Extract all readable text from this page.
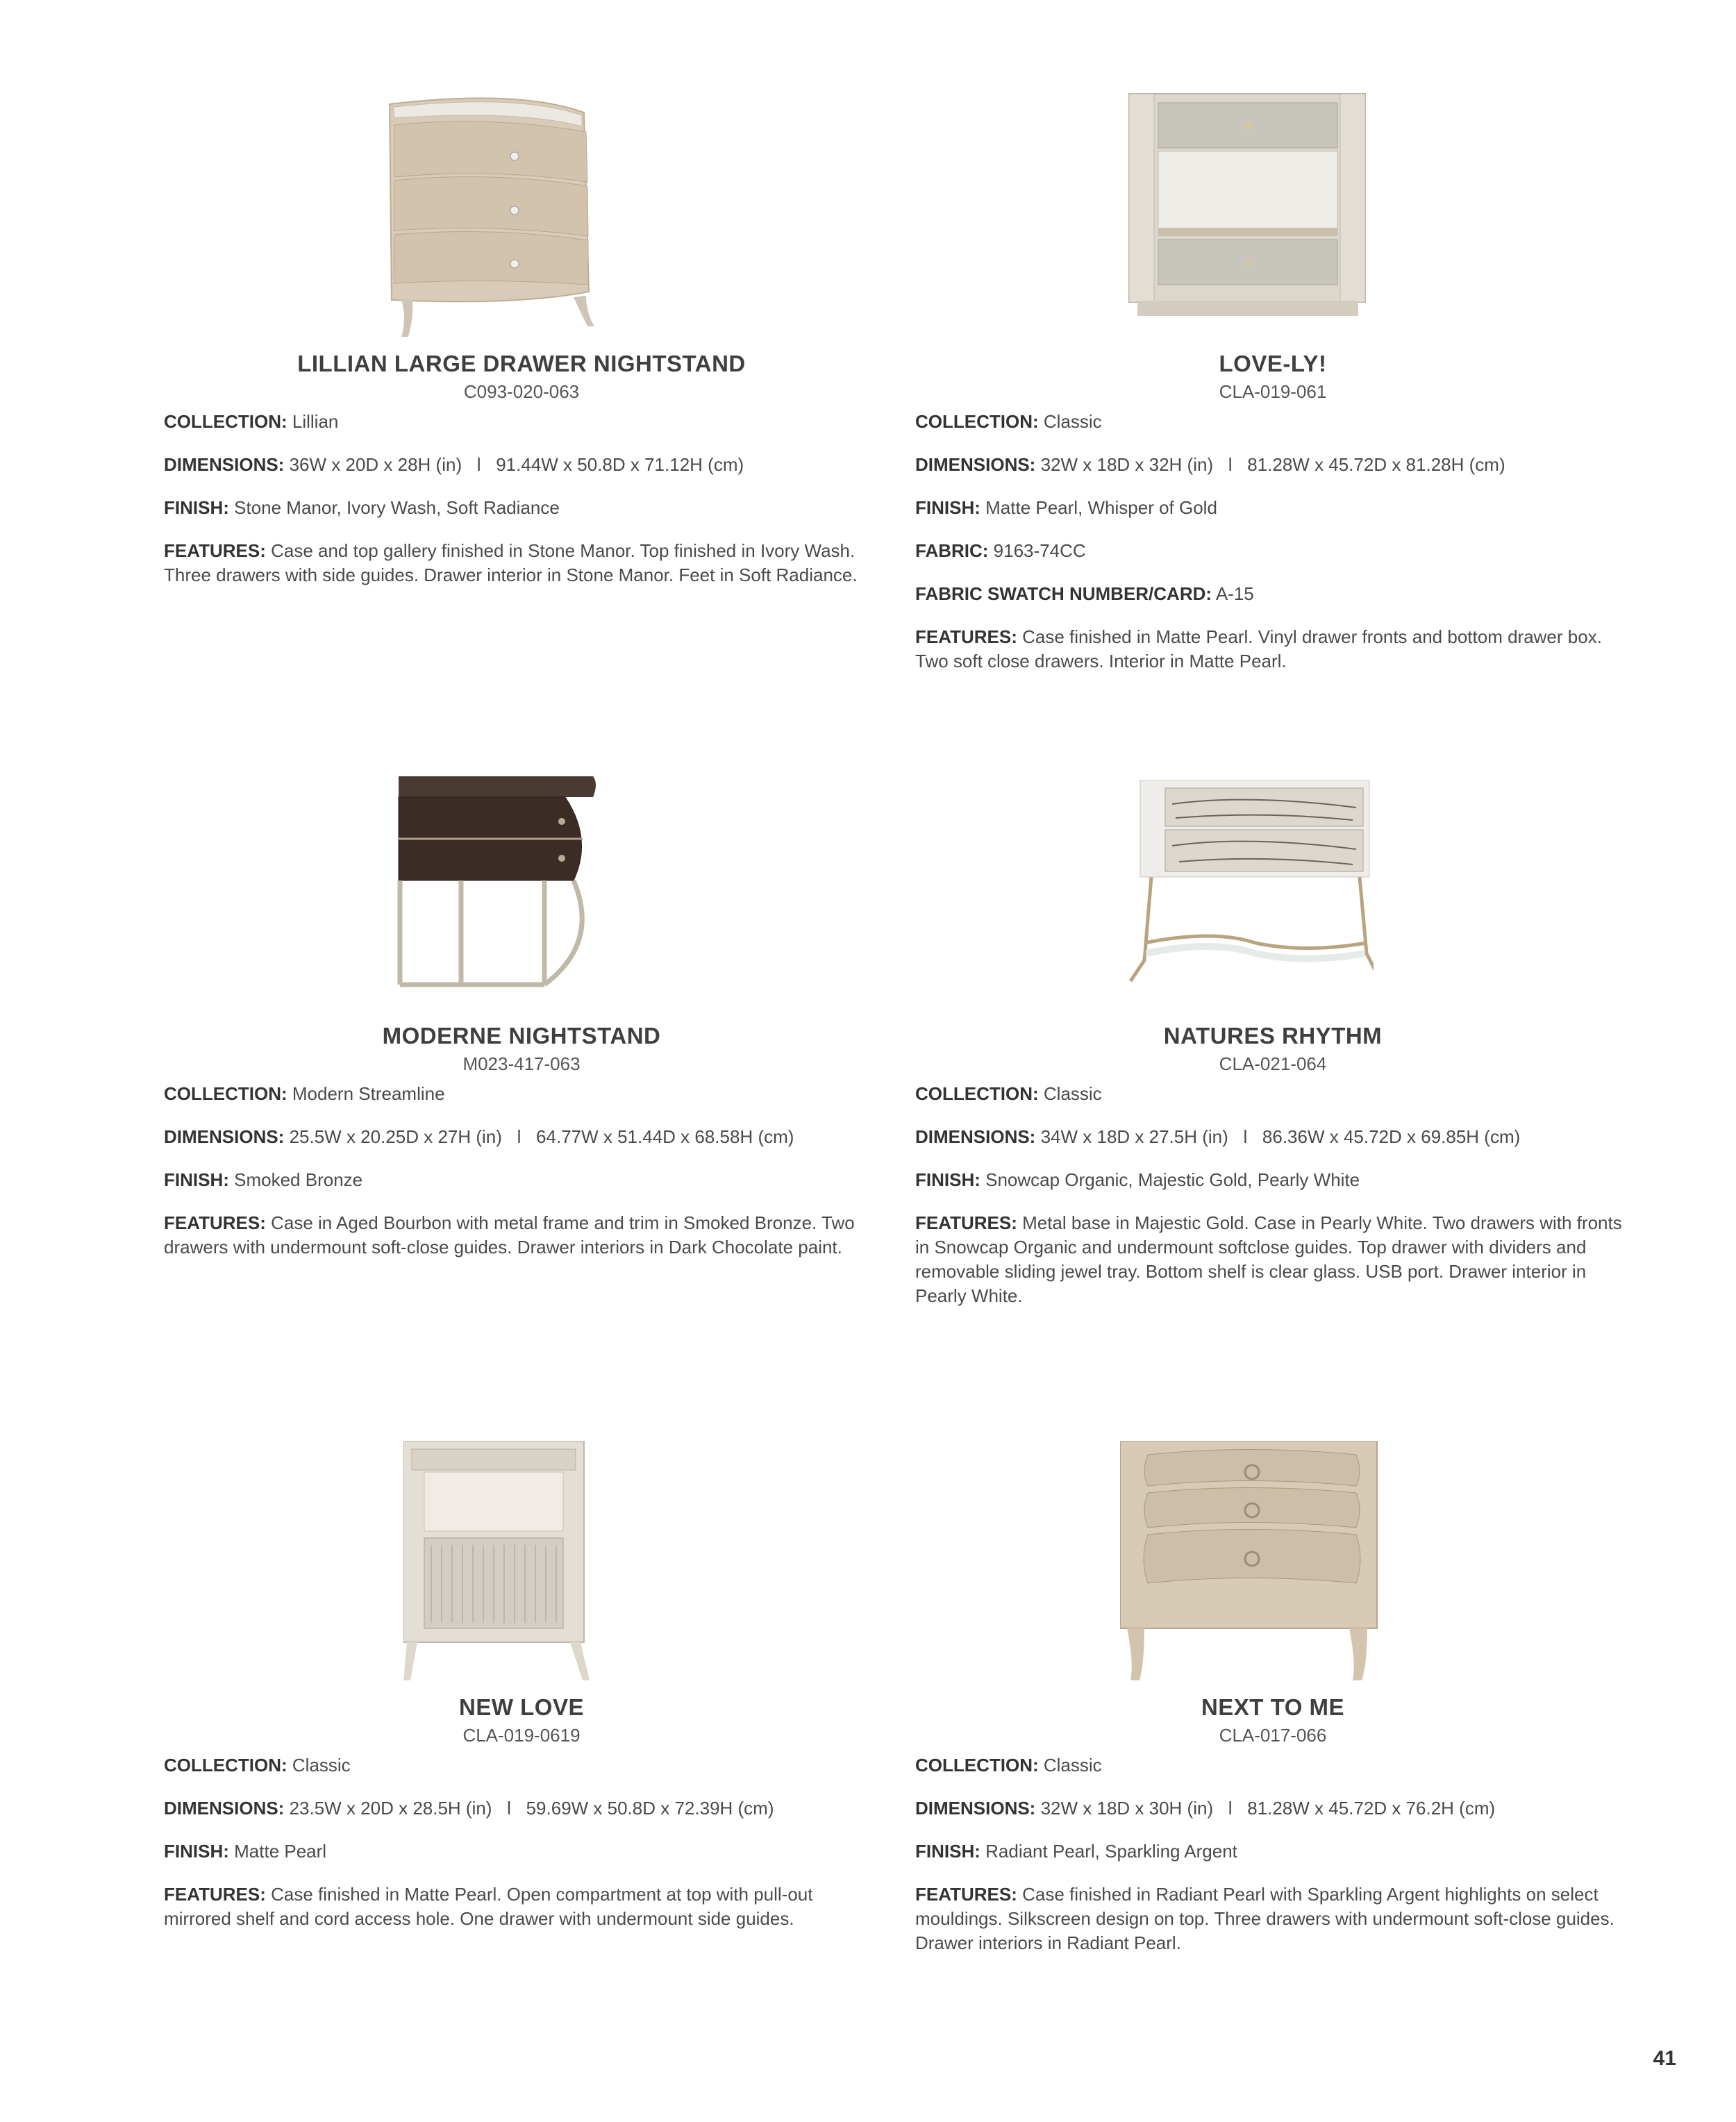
LILLIAN LARGE DRAWER NIGHTSTAND
C093-020-063
COLLECTION: Lillian
DIMENSIONS: 36W x 20D x 28H (in)   l   91.44W x 50.8D x 71.12H (cm)
FINISH: Stone Manor, Ivory Wash, Soft Radiance
FEATURES: Case and top gallery finished in Stone Manor. Top finished in Ivory Wash. Three drawers with side guides. Drawer interior in Stone Manor. Feet in Soft Radiance.
LOVE-LY!
CLA-019-061
COLLECTION: Classic
DIMENSIONS: 32W x 18D x 32H (in)   l   81.28W x 45.72D x 81.28H (cm)
FINISH: Matte Pearl, Whisper of Gold
FABRIC: 9163-74CC
FABRIC SWATCH NUMBER/CARD: A-15
FEATURES: Case finished in Matte Pearl. Vinyl drawer fronts and bottom drawer box. Two soft close drawers. Interior in Matte Pearl.
MODERNE NIGHTSTAND
M023-417-063
COLLECTION: Modern Streamline
DIMENSIONS: 25.5W x 20.25D x 27H (in)   l   64.77W x 51.44D x 68.58H (cm)
FINISH: Smoked Bronze
FEATURES: Case in Aged Bourbon with metal frame and trim in Smoked Bronze. Two drawers with undermount soft-close guides. Drawer interiors in Dark Chocolate paint.
NATURES RHYTHM
CLA-021-064
COLLECTION: Classic
DIMENSIONS: 34W x 18D x 27.5H (in)   l   86.36W x 45.72D x 69.85H (cm)
FINISH: Snowcap Organic, Majestic Gold, Pearly White
FEATURES: Metal base in Majestic Gold. Case in Pearly White. Two drawers with fronts in Snowcap Organic and undermount softclose guides. Top drawer with dividers and removable sliding jewel tray. Bottom shelf is clear glass. USB port. Drawer interior in Pearly White.
NEW LOVE
CLA-019-0619
COLLECTION: Classic
DIMENSIONS: 23.5W x 20D x 28.5H (in)   l   59.69W x 50.8D x 72.39H (cm)
FINISH: Matte Pearl
FEATURES: Case finished in Matte Pearl. Open compartment at top with pull-out mirrored shelf and cord access hole. One drawer with undermount side guides.
NEXT TO ME
CLA-017-066
COLLECTION: Classic
DIMENSIONS: 32W x 18D x 30H (in)   l   81.28W x 45.72D x 76.2H (cm)
FINISH: Radiant Pearl, Sparkling Argent
FEATURES: Case finished in Radiant Pearl with Sparkling Argent highlights on select mouldings. Silkscreen design on top. Three drawers with undermount soft-close guides. Drawer interiors in Radiant Pearl.
41
